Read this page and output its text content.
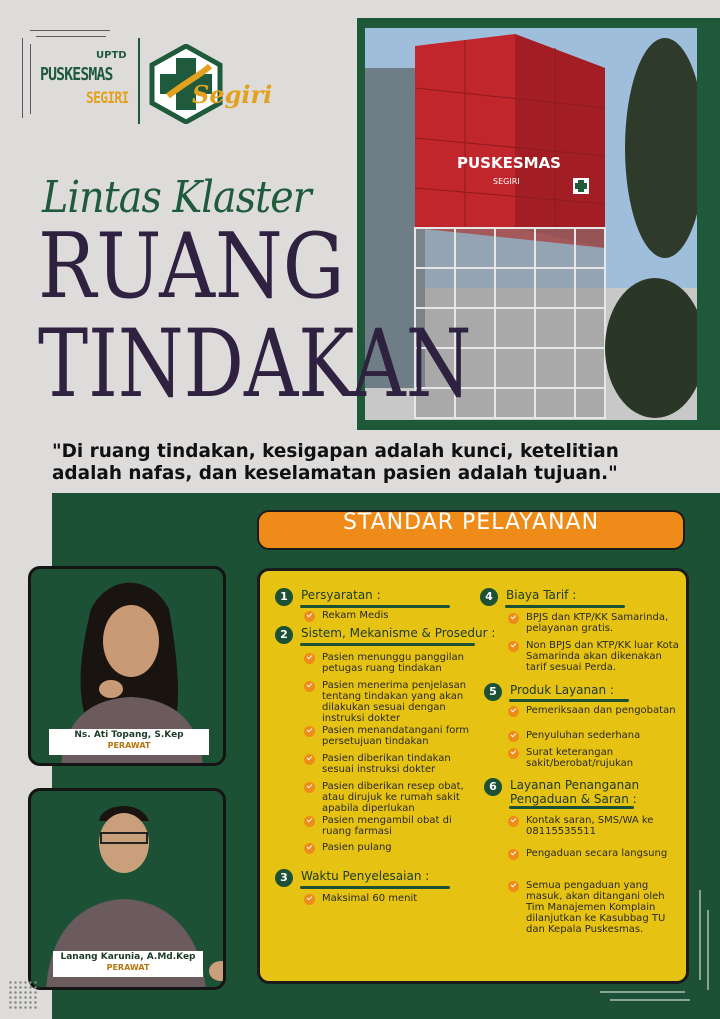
UPTD
PUSKESMAS
SEGIRI	Segiri
PUSKESMAS
SEGIRI
Lintas Klaster
RUANG
TINDAKAN
"Di ruang tindakan, kesigapan adalah kunci, ketelitian adalah nafas, dan keselamatan pasien adalah tujuan."
STANDAR PELAYANAN
1	Persyaratan :
Rekam Medis
2	Sistem, Mekanisme & Prosedur :
Pasien menunggu panggilan petugas ruang tindakan
Pasien menerima penjelasan tentang tindakan yang akan dilakukan sesuai dengan instruksi dokter
Pasien menandatangani form persetujuan tindakan
Pasien diberikan tindakan sesuai instruksi dokter
Pasien diberikan resep obat, atau dirujuk ke rumah sakit apabila diperlukan
Pasien mengambil obat di ruang farmasi
Pasien pulang
3	Waktu Penyelesaian :
Maksimal 60 menit
4	Biaya Tarif :
BPJS dan KTP/KK Samarinda, pelayanan gratis.
Non BPJS dan KTP/KK luar Kota Samarinda akan dikenakan tarif sesuai Perda.
5	Produk Layanan :
Pemeriksaan dan pengobatan
Penyuluhan sederhana
Surat keterangan sakit/berobat/rujukan
6	Layanan Penanganan Pengaduan & Saran :
Kontak saran, SMS/WA ke 08115535511
Pengaduan secara langsung
Semua pengaduan yang masuk, akan ditangani oleh Tim Manajemen Komplain dilanjutkan ke Kasubbag TU dan Kepala Puskesmas.
Ns. Ati Topang, S.Kep
PERAWAT
Lanang Karunia, A.Md.Kep
PERAWAT
